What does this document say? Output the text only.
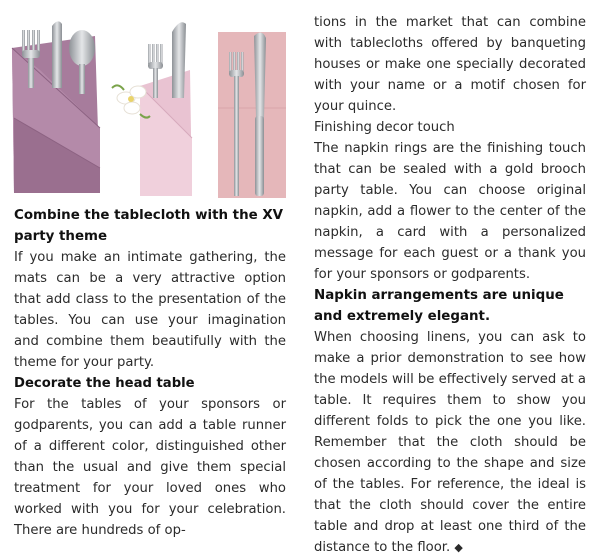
Combine the tablecloth with the XV party theme

If you make an intimate gathering, the mats can be a very attractive option that add class to the presentation of the tables. You can use your imagination and combine them beautifully with the theme for your party.

Decorate the head table

For the tables of your sponsors or godparents, you can add a table runner of a different color, distinguished other than the usual and give them special treatment for your loved ones who worked with you for your celebration. There are hundreds of op-

tions in the market that can combine with tablecloths offered by banqueting houses or make one specially decorated with your name or a motif chosen for your quince.

Finishing decor touch

The napkin rings are the finishing touch that can be sealed with a gold brooch party table. You can choose original napkin, add a flower to the center of the napkin, a card with a personalized message for each guest or a thank you for your sponsors or godparents.

Napkin arrangements are unique and extremely elegant.

When choosing linens, you can ask to make a prior demonstration to see how the models will be effectively served at a table. It requires them to show you different folds to pick the one you like. Remember that the cloth should be chosen according to the shape and size of the tables. For reference, the ideal is that the cloth should cover the entire table and drop at least one third of the distance to the floor. ◆
